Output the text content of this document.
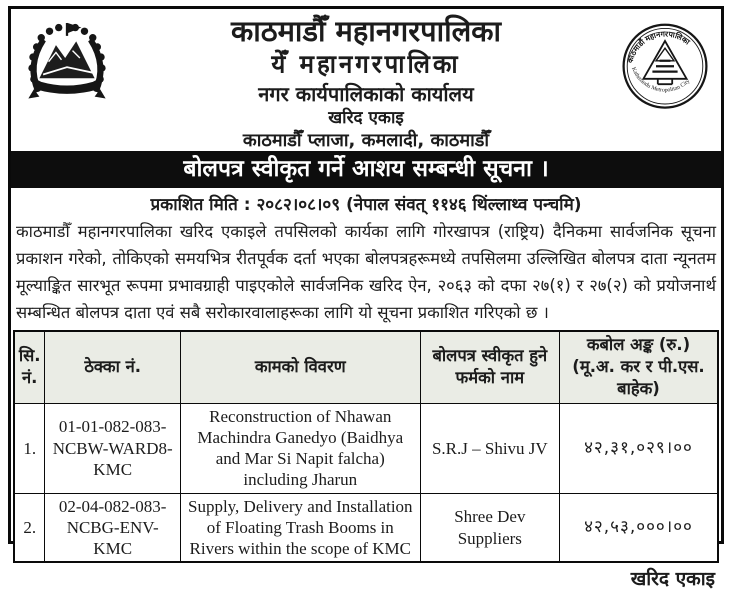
काठमाडौँ महानगरपालिका
येँ महानगरपालिका
नगर कार्यपालिकाको कार्यालय
खरिद एकाइ
काठमाडौँ प्लाजा, कमलादी, काठमाडौँ
काठमाडौं महानगरपालिका
Kathmandu Metropolitan City
बोलपत्र स्वीकृत गर्ने आशय सम्बन्धी सूचना ।
प्रकाशित मिति : २०८२।०८।०९ (नेपाल संवत् ११४६ थिंल्लाथ्व पन्चमि)
काठमाडौँ महानगरपालिका खरिद एकाइले तपसिलको कार्यका लागि गोरखापत्र (राष्ट्रिय) दैनिकमा सार्वजनिक सूचना प्रकाशन गरेको, तोकिएको समयभित्र रीतपूर्वक दर्ता भएका बोलपत्रहरूमध्ये तपसिलमा उल्लिखित बोलपत्र दाता न्यूनतम मूल्याङ्कित सारभूत रूपमा प्रभावग्राही पाइएकोले सार्वजनिक खरिद ऐन, २०६३ को दफा २७(१) र २७(२) को प्रयोजनार्थ सम्बन्धित बोलपत्र दाता एवं सबै सरोकारवालाहरूका लागि यो सूचना प्रकाशित गरिएको छ ।
सि. नं.	ठेक्का नं.	कामको विवरण	बोलपत्र स्वीकृत हुने फर्मको नाम	कबोल अङ्क (रु.) (मू.अ. कर र पी.एस. बाहेक)
1.	01-01-082-083-NCBW-WARD8-KMC	Reconstruction of Nhawan Machindra Ganedyo (Baidhya and Mar Si Napit falcha) including Jharun	S.R.J – Shivu JV	४२,३१,०२९।००
2.	02-04-082-083-NCBG-ENV-KMC	Supply, Delivery and Installation of Floating Trash Booms in Rivers within the scope of KMC	Shree Dev Suppliers	४२,५३,०००।००
खरिद एकाइ
